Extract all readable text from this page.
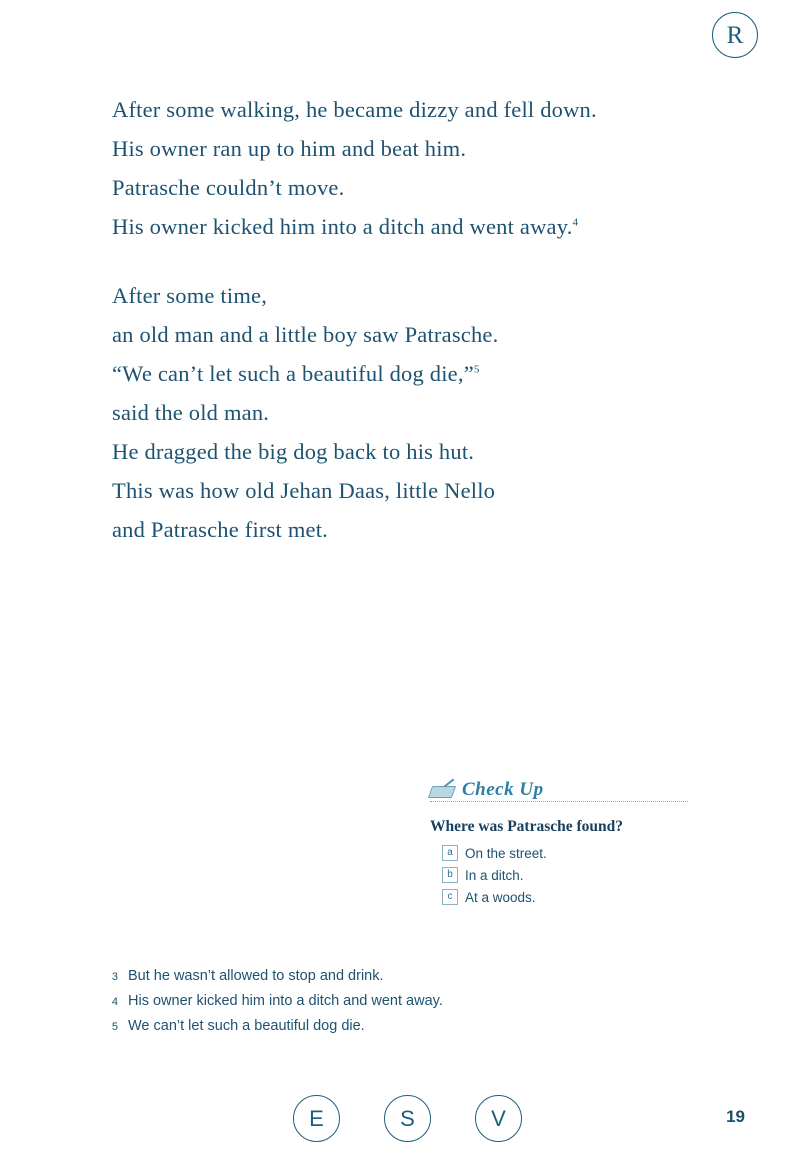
R
After some walking, he became dizzy and fell down.
His owner ran up to him and beat him.
Patrasche couldn’t move.
His owner kicked him into a ditch and went away.$^4$
After some time,
an old man and a little boy saw Patrasche.
“We can’t let such a beautiful dog die,”$^5$
said the old man.
He dragged the big dog back to his hut.
This was how old Jehan Daas, little Nello
and Patrasche first met.
Check Up
Where was Patrasche found?
a On the street.
b In a ditch.
c At a woods.
3 But he wasn’t allowed to stop and drink.
4 His owner kicked him into a ditch and went away.
5 We can’t let such a beautiful dog die.
E	S	V	19
